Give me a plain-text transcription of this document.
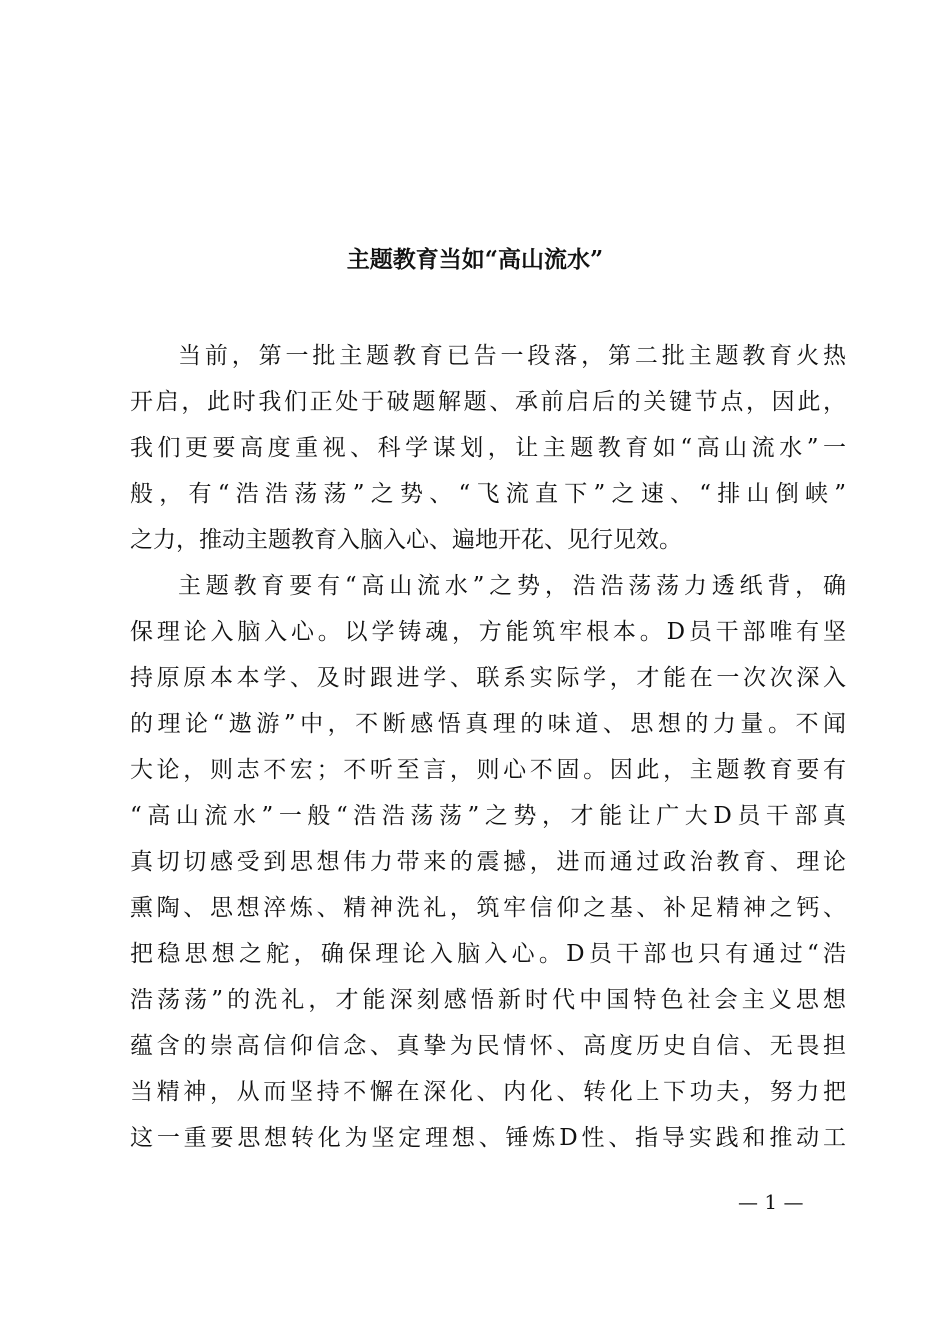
主题教育当如“高山流水”
当前，第一批主题教育已告一段落，第二批主题教育火热
开启，此时我们正处于破题解题、承前启后的关键节点，因此，
我们更要高度重视、科学谋划，让主题教育如“高山流水”一
般，有“浩浩荡荡”之势、“飞流直下”之速、“排山倒峡”
之力，推动主题教育入脑入心、遍地开花、见行见效。
主题教育要有“高山流水”之势，浩浩荡荡力透纸背，确
保理论入脑入心。以学铸魂，方能筑牢根本。D员干部唯有坚
持原原本本学、及时跟进学、联系实际学，才能在一次次深入
的理论“遨游”中，不断感悟真理的味道、思想的力量。不闻
大论，则志不宏；不听至言，则心不固。因此，主题教育要有
“高山流水”一般“浩浩荡荡”之势，才能让广大D员干部真
真切切感受到思想伟力带来的震撼，进而通过政治教育、理论
熏陶、思想淬炼、精神洗礼，筑牢信仰之基、补足精神之钙、
把稳思想之舵，确保理论入脑入心。D员干部也只有通过“浩
浩荡荡”的洗礼，才能深刻感悟新时代中国特色社会主义思想
蕴含的崇高信仰信念、真挚为民情怀、高度历史自信、无畏担
当精神，从而坚持不懈在深化、内化、转化上下功夫，努力把
这一重要思想转化为坚定理想、锤炼D性、指导实践和推动工
— 1 —
